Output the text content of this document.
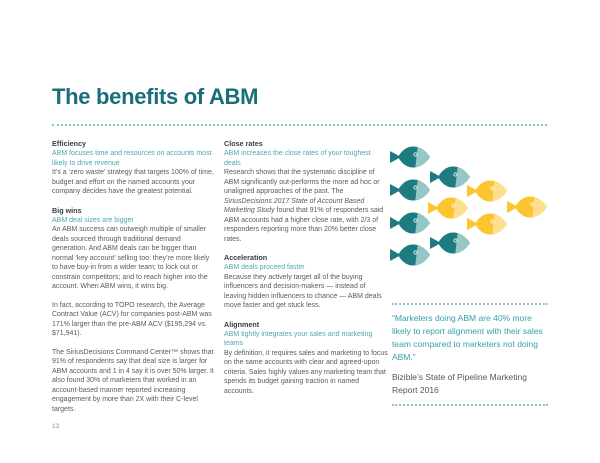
The benefits of ABM
Efficiency

ABM focuses time and resources on accounts most likely to drive revenue

It’s a ‘zero waste’ strategy that targets 100% of time, budget and effort on the named accounts your company decides have the greatest potential.

Big wins

ABM deal sizes are bigger

An ABM success can outweigh multiple of smaller deals sourced through traditional demand generation. And ABM deals can be bigger than normal ‘key account’ selling too: they’re more likely to have buy-in from a wider team; to lock out or constrain competitors; and to reach higher into the account. When ABM wins, it wins big.

In fact, according to TOPO research, the Average Contract Value (ACV) for companies post-ABM was 171% larger than the pre-ABM ACV ($195,294 vs. $71,941).

The SiriusDecisions Command Center™ shows that 91% of respondents say that deal size is larger for ABM accounts and 1 in 4 say it is over 50% larger. It also found 30% of marketers that worked in an account-based manner reported increasing engagement by more than 2X with their C-level targets.

Close rates

ABM increases the close rates of your toughest deals

Research shows that the systematic discipline of ABM significantly out-performs the more ad hoc or unaligned approaches of the past. The SiriusDecisions 2017 State of Account Based Marketing Study found that 91% of responders said ABM accounts had a higher close rate, with 2/3 of responders reporting more than 20% better close rates.

Acceleration

ABM deals proceed faster

Because they actively target all of the buying influencers and decision-makers — instead of leaving hidden influencers to chance — ABM deals move faster and get stuck less.

Alignment

ABM tightly integrates your sales and marketing teams

By definition, it requires sales and marketing to focus on the same accounts with clear and agreed-upon criteria. Sales highly values any marketing team that spends its budget gaining traction in named accounts.

“Marketers doing ABM are 40% more likely to report alignment with their sales team compared to marketers not doing ABM.”

Bizible’s State of Pipeline Marketing Report 2016

13
